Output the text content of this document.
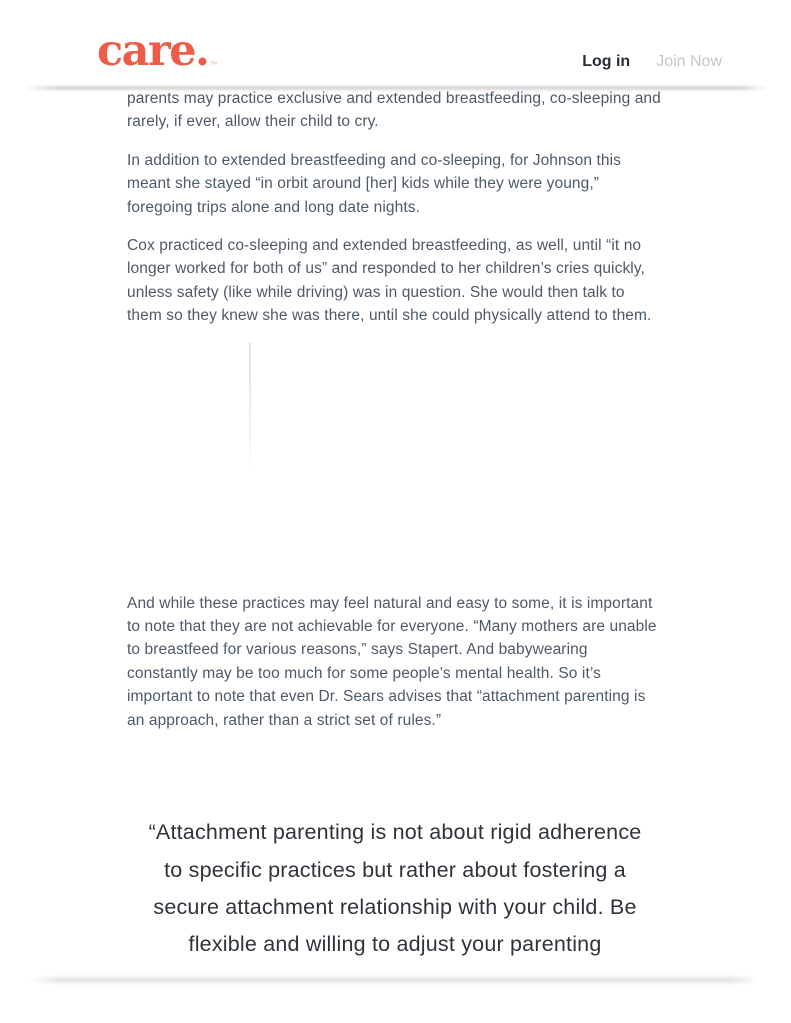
parents may practice exclusive and extended breastfeeding, co-sleeping and rarely, if ever, allow their child to cry.

In addition to extended breastfeeding and co-sleeping, for Johnson this meant she stayed “in orbit around [her] kids while they were young,” foregoing trips alone and long date nights.

Cox practiced co-sleeping and extended breastfeeding, as well, until “it no longer worked for both of us” and responded to her children’s cries quickly, unless safety (like while driving) was in question. She would then talk to them so they knew she was there, until she could physically attend to them.

And while these practices may feel natural and easy to some, it is important to note that they are not achievable for everyone. “Many mothers are unable to breastfeed for various reasons,” says Stapert. And babywearing constantly may be too much for some people’s mental health. So it’s important to note that even Dr. Sears advises that “attachment parenting is an approach, rather than a strict set of rules.”

“Attachment parenting is not about rigid adherence
to specific practices but rather about fostering a
secure attachment relationship with your child. Be
flexible and willing to adjust your parenting
care.™	Log in Join Now
